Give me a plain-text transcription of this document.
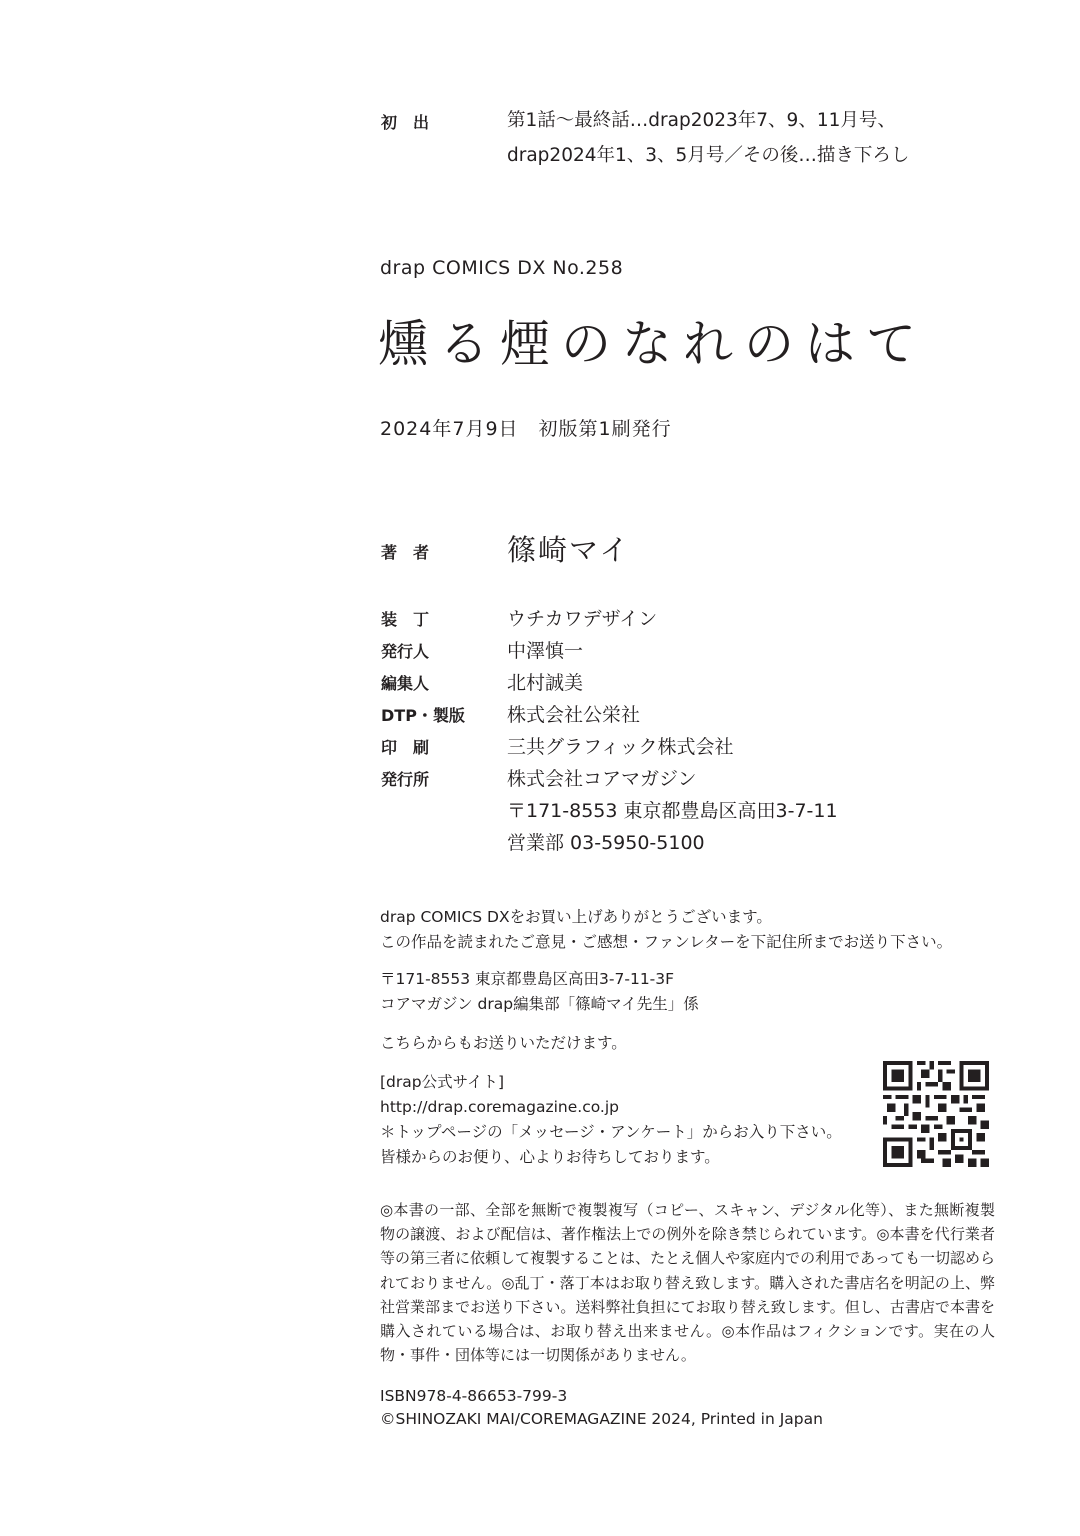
初　出	第1話〜最終話…drap2023年7、9、11月号、
drap2024年1、3、5月号／その後…描き下ろし
drap COMICS DX No.258
燻る煙のなれのはて
2024年7月9日　初版第1刷発行
著　者	篠崎マイ
装　丁	ウチカワデザイン
発行人	中澤慎一
編集人	北村誠美
DTP・製版 株式会社公栄社
印　刷	三共グラフィック株式会社
発行所	株式会社コアマガジン
〒171-8553 東京都豊島区高田3-7-11
営業部 03-5950-5100
drap COMICS DXをお買い上げありがとうございます。
この作品を読まれたご意見・ご感想・ファンレターを下記住所までお送り下さい。
〒171-8553 東京都豊島区高田3-7-11-3F
コアマガジン drap編集部「篠崎マイ先生」係
こちらからもお送りいただけます。
[drap公式サイト]
http://drap.coremagazine.co.jp
＊トップページの「メッセージ・アンケート」からお入り下さい。
皆様からのお便り、心よりお待ちしております。
◎本書の一部、全部を無断で複製複写（コピー、スキャン、デジタル化等）、また無断複製物の譲渡、および配信は、著作権法上での例外を除き禁じられています。◎本書を代行業者等の第三者に依頼して複製することは、たとえ個人や家庭内での利用であっても一切認められておりません。◎乱丁・落丁本はお取り替え致します。購入された書店名を明記の上、弊社営業部までお送り下さい。送料弊社負担にてお取り替え致します。但し、古書店で本書を購入されている場合は、お取り替え出来ません。◎本作品はフィクションです。実在の人物・事件・団体等には一切関係がありません。
ISBN978-4-86653-799-3
©SHINOZAKI MAI/COREMAGAZINE 2024, Printed in Japan
